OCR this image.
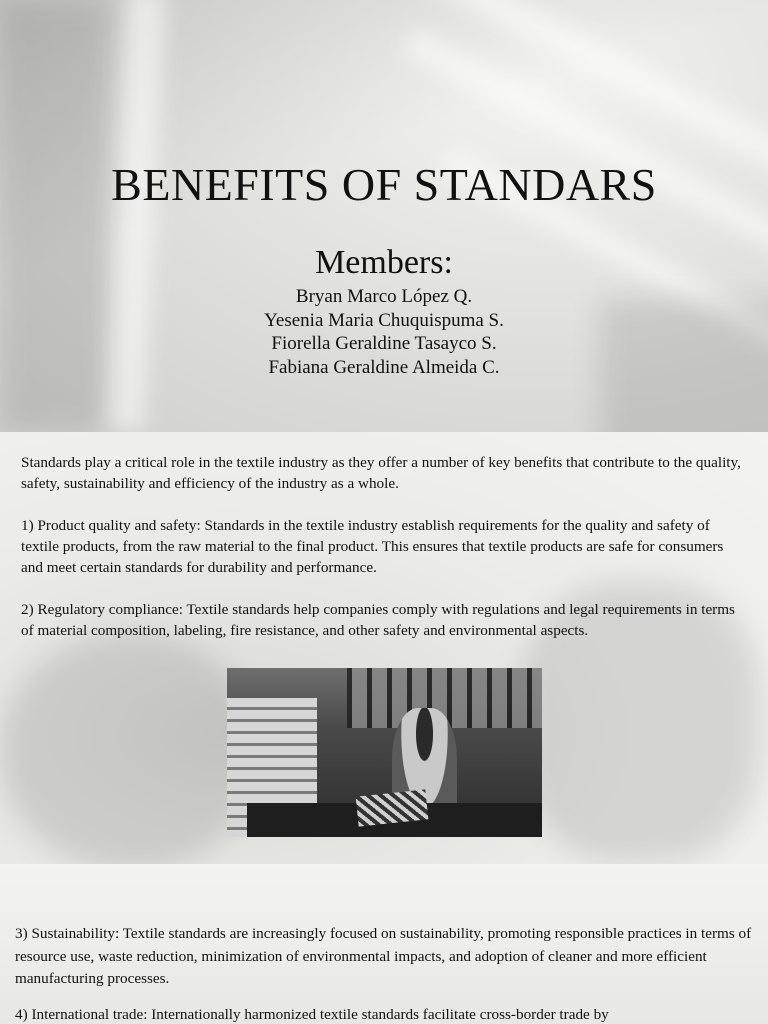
BENEFITS OF STANDARS
Members:
Bryan Marco López Q.
Yesenia Maria Chuquispuma S.
Fiorella Geraldine Tasayco S.
Fabiana Geraldine Almeida C.

Standards play a critical role in the textile industry as they offer a number of key benefits that contribute to the quality, safety, sustainability and efficiency of the industry as a whole.

1) Product quality and safety: Standards in the textile industry establish requirements for the quality and safety of textile products, from the raw material to the final product. This ensures that textile products are safe for consumers and meet certain standards for durability and performance.

2) Regulatory compliance: Textile standards help companies comply with regulations and legal requirements in terms of material composition, labeling, fire resistance, and other safety and environmental aspects.

3) Sustainability: Textile standards are increasingly focused on sustainability, promoting responsible practices in terms of resource use, waste reduction, minimization of environmental impacts, and adoption of cleaner and more efficient manufacturing processes.

4) International trade: Internationally harmonized textile standards facilitate cross-border trade by
